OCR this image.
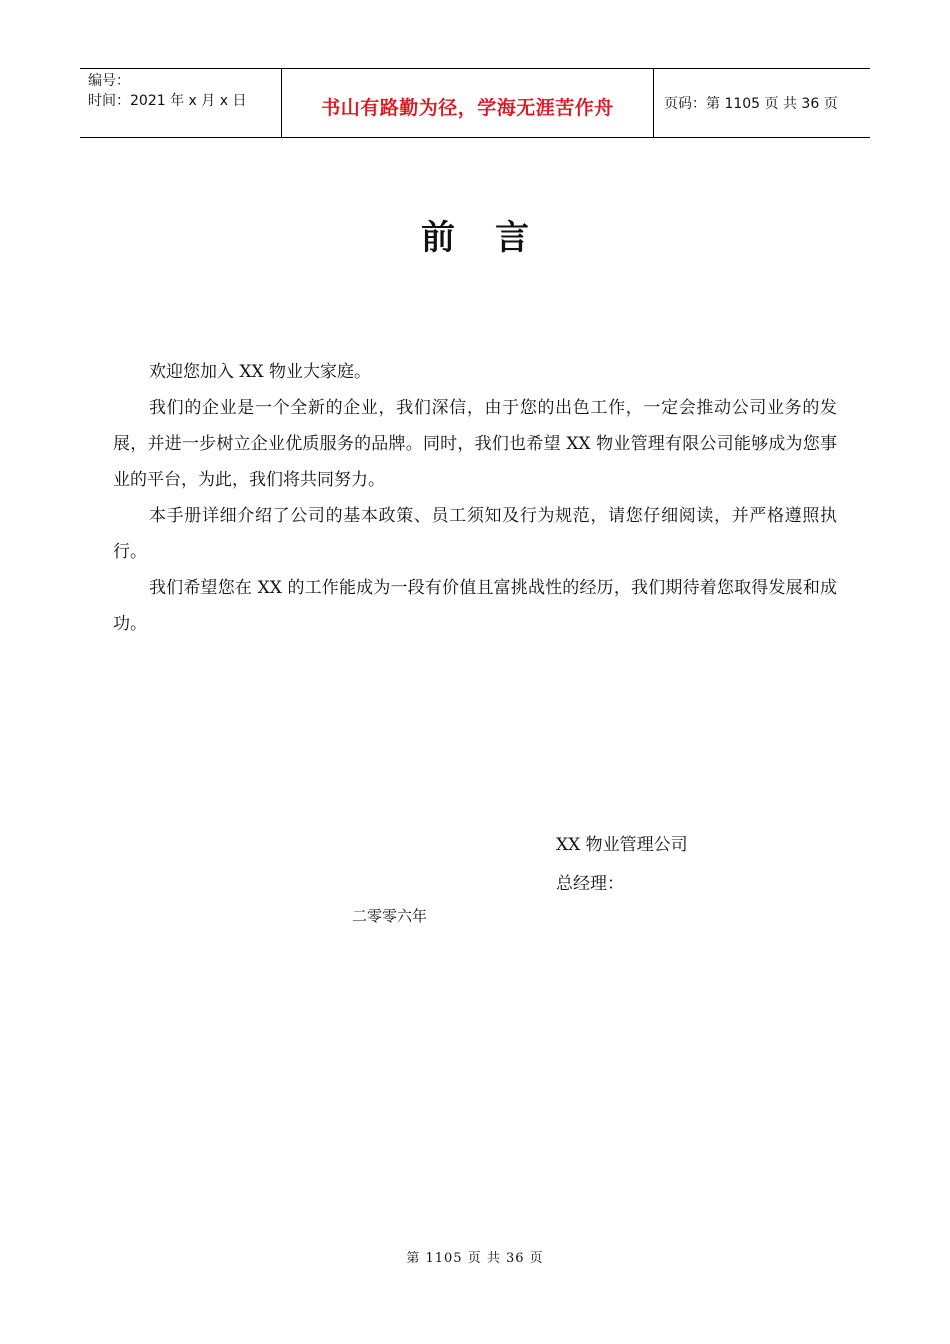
编号：
时间：2021 年 x 月 x 日	书山有路勤为径，学海无涯苦作舟	页码：第 1105 页 共 36 页
前言

欢迎您加入 XX 物业大家庭。

我们的企业是一个全新的企业，我们深信，由于您的出色工作，一定会推动公司业务的发展，并进一步树立企业优质服务的品牌。同时，我们也希望 XX 物业管理有限公司能够成为您事业的平台，为此，我们将共同努力。

本手册详细介绍了公司的基本政策、员工须知及行为规范，请您仔细阅读，并严格遵照执行。

我们希望您在 XX 的工作能成为一段有价值且富挑战性的经历，我们期待着您取得发展和成功。

XX 物业管理公司
总经理：
二零零六年
第 1105 页 共 36 页
